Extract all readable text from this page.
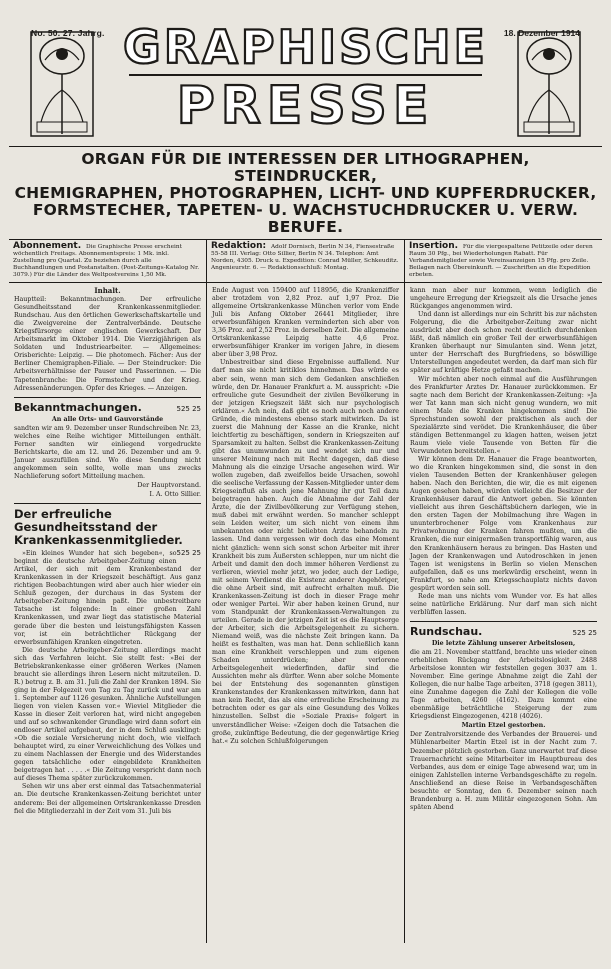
No. 50. 27. Jahrg.	18. Dezember 1914
GRAPHISCHE
PRESSE
ORGAN FÜR DIE INTERESSEN DER LITHOGRAPHEN, STEINDRUCKER,
CHEMIGRAPHEN, PHOTOGRAPHEN, LICHT- UND KUPFERDRUCKER,
FORMSTECHER, TAPETEN- U. WACHSTUCHDRUCKER U. VERW. BERUFE.
Abonnement. Die Graphische Presse erscheint wöchentlich Freitags. Abonnementspreis: 1 Mk. inkl. Zustellung pro Quartal. Zu beziehen durch alle Buchhandlungen und Postanstalten. (Post-Zeitungs-Katalog Nr. 3079.) Für die Länder des Weltpostvereins 1,50 Mk.
Redaktion: Adolf Dornisch, Berlin N 34, Fiensestraße 55-58 III. Verlag: Otto Sillier, Berlin N 34. Telephon: Amt Norden, 4305. Druck u. Expedition: Conrad Müller, Schkeuditz. Angenieurstr. 6. — Redaktionsschluß: Montag.
Insertion. Für die viergespaltene Petitzeile oder deren Raum 30 Pfg., bei Wiederholungen Rabatt. Für Verbandsmitglieder sowie Vereinsanzeigen 15 Pfg. pro Zeile. Beilagen nach Übereinkunft. — Zuschriften an die Expedition erbeten.
Inhalt.

Hauptteil: Bekanntmachungen. Der erfreuliche Gesundheitsstand der Krankenkassenmitglieder. Rundschau. Aus den örtlichen Gewerkschaftskartelle und die Zweigvereine der Zentralverbände. Deutsche Kriegsfürsorge einer englischen Gewerkschaft. Der Arbeitsmarkt im Oktober 1914. Die Vierzigjährigen als Soldaten und Industriearbeiter. — Allgemeines: Orisberichte: Leipzig. — Die photomech. Fächer: Aus der Berliner Chemigraphen-Filiale. — Der Steindrucker: Die Arbeitsverhältnisse der Pauser und Passerinnen. — Die Tapetenbranche: Die Formstecher und der Krieg. Adressenänderungen. Opfer des Krieges. — Anzeigen.

Bekanntmachungen.	525 25
An alle Orts- und Gauvorstände

sandten wir am 9. Dezember unser Rundschreiben Nr. 23, welches eine Reihe wichtiger Mitteilungen enthält. Ferner sandten wir einliegend vorgedruckte Berichtskarte, die am 12. und 26. Dezember und am 9. Januar auszufüllen sind. Wo diese Sendung nicht angekommen sein sollte, wolle man uns zwecks Nachlieferung sofort Mitteilung machen.

Der Hauptvorstand.
I. A. Otto Sillier.
Der erfreuliche Gesundheitsstand der Krankenkassenmitglieder.
525 25

»Ein kleines Wunder hat sich begeben«, so beginnt die deutsche Arbeitgeber-Zeitung einen Artikel, der sich mit dem Krankenbestand der Krankenkassen in der Kriegszeit beschäftigt. Aus ganz richtigen Beobachtungen wird aber auch hier wieder ein Schluß gezogen, der durchaus in das System der Arbeitgeber-Zeitung hinein paßt. Die unbestreitbare Tatsache ist folgende: In einer großen Zahl Krankenkassen, und zwar liegt das statistische Material gerade über die besten und leistungsfähigsten Kassen vor, ist ein beträchtlicher Rückgang der erwerbsunfähigen Kranken eingetreten.

Die deutsche Arbeitgeber-Zeitung allerdings macht sich das Verfahren leicht. Sie stellt fest: »Bei der Betriebskrankenkasse einer größeren Werkes (Namen braucht sie allerdings ihren Lesern nicht mitzuteilen. D. R.) betrug z. B. am 31. Juli die Zahl der Kranken 1894. Sie ging in der Folgezeit von Tag zu Tag zurück und war am 1. September auf 1126 gesunken. Ähnliche Aufstellungen liegen von vielen Kassen vor.« Wieviel Mitglieder die Kasse in dieser Zeit verloren hat, wird nicht angegeben und auf so schwankender Grundlage wird dann sofort ein endloser Artikel aufgebaut, der in dem Schluß ausklingt: »Ob die soziale Versicherung nicht doch, wie vielfach behauptet wird, zu einer Verweichlichung des Volkes und zu einem Nachlassen der Energie und des Widerstandes gegen tatsächliche oder eingebildete Krankheiten beigetragen hat . . . . .« Die Zeitung verspricht dann noch auf dieses Thema später zurückzukommen.

Sehen wir uns aber erst einmal das Tatsachenmaterial an. Die deutsche Krankenkassen-Zeitung berichtet unter anderem: Bei der allgemeinen Ortskrankenkasse Dresden fiel die Mitgliederzahl in der Zeit vom 31. Juli bis

Ende August von 159400 auf 118956, die Krankenziffer aber trotzdem von 2,82 Proz. auf 1,97 Proz. Die allgemeine Ortskrankenkasse München verlor vom Ende Juli bis Anfang Oktober 26441 Mitglieder, ihre erwerbsunfähigen Kranken verminderten sich aber von 3,36 Proz. auf 2,52 Proz. in derselben Zeit. Die allgemeine Ortskrankenkasse Leipzig hatte 4,6 Proz. erwerbsunfähiger Kranker im vorigen Jahre, in diesem aber über 3,98 Proz.

Unbestreitbar sind diese Ergebnisse auffallend. Nur darf man sie nicht kritiklos hinnehmen. Das würde es aber sein, wenn man sich dem Gedanken anschließen würde, den Dr. Hanauer Frankfurt a. M. ausspricht: »Die erfreuliche gute Gesundheit der zivilen Bevölkerung in der jetzigen Kriegszeit läßt sich nur psychologisch erklären.« Ach nein, daß gibt es noch auch noch andere Gründe, die mindestens ebenso stark mitwirken. Da ist zuerst die Mahnung der Kasse an die Kranke, nicht leichtfertig zu beschäftigen, sondern in Kriegszeiten auf Sparsamkeit zu halten. Selbst die Krankenkassen-Zeitung gibt das unumwunden zu und wendet sich nur und unserer Meinung nach mit Recht dagegen, daß diese Mahnung als die einzige Ursache angesehen wird. Wir wollen zugeben, daß zweifellos beide Ursachen, sowohl die seelische Verfassung der Kassen-Mitglieder unter dem Kriegseinfluß als auch jene Mahnung ihr gut Teil dazu beigetragen haben. Auch die Abnahme der Zahl der Ärzte, die der Zivilbevölkerung zur Verfügung stehen, muß dabei mit erwähnt werden. So mancher schleppt sein Leiden weiter, um sich nicht von einem ihm unbekannten oder nicht beliebten Arzte behandeln zu lassen. Und dann vergessen wir doch das eine Moment nicht gänzlich: wenn sich sonst schon Arbeiter mit ihrer Krankheit bis zum Äußersten schleppen, nur um nicht die Arbeit und damit den doch immer höheren Verdienst zu verlieren, wieviel mehr jetzt, wo jeder, auch der Ledige, mit seinem Verdienst die Existenz anderer Angehöriger, die ohne Arbeit sind, mit aufrecht erhalten muß. Die Krankenkassen-Zeitung ist doch in dieser Frage mehr oder weniger Partei. Wir aber haben keinen Grund, nur vom Standpunkt der Krankenkassen-Verwaltungen zu urteilen. Gerade in der jetzigen Zeit ist es die Hauptsorge der Arbeiter, sich die Arbeitsgelegenheit zu sichern. Niemand weiß, was die nächste Zeit bringen kann. Da heißt es festhalten, was man hat. Denn schließlich kann man eine Krankheit verschleppen und zum eigenen Schaden unterdrücken; aber verlorene Arbeitsgelegenheit wiederfinden, dafür sind die Aussichten mehr als dürfter. Wenn aber solche Momente bei der Entstehung des sogenannten günstigen Krankenstandes der Krankenkassen mitwirken, dann hat man kein Recht, das als eine erfreuliche Erscheinung zu betrachten oder es gar als eine Gesundung des Volkes hinzustellen. Selbst die »Soziale Praxis« folgert in unverständlicher Weise: »Zeigen doch die Tatsachen die große, zukünftige Bedeutung, die der gegenwärtige Krieg hat.« Zu solchen Schlußfolgerungen

kann man aber nur kommen, wenn lediglich die ungeheure Erregung der Kriegszeit als die Ursache jenes Rückganges angenommen wird.

Und dann ist allerdings nur ein Schritt bis zur nächsten Folgerung, die die Arbeitgeber-Zeitung zwar nicht ausdrückt aber doch schon recht deutlich durchdenken läßt, daß nämlich ein großer Teil der erwerbsunfähigen Kranken überhaupt nur Simulanten sind. Wenn jetzt, unter der Herrschaft des Burgfriedens, so böswillige Unterstellungen angedeutet werden, da darf man sich für später auf kräftige Hetze gefaßt machen.

Wir möchten aber noch einmal auf die Ausführungen des Frankfurter Arztes Dr. Hanauer zurückkommen. Er sagte nach dem Bericht der Krankenkassen-Zeitung: »Ja wer Tat kann man sich nicht genug wundern, wo mit einem Male die Kranken hingekommen sind! Die Sprechstunden sowohl der praktischen als auch der Spezialärzte sind verödet. Die Krankenhäuser, die über ständigen Bettenmangel zu klagen hatten, weisen jetzt Raum viele viele Tausende von Betten für die Verwundeten bereitstellen.«

Wir können dem Dr. Hanauer die Frage beantworten, wo die Kranken hingekommen sind, die sonst in den vielen Tausenden Betten der Krankenhäuser gelegen haben. Nach den Berichten, die wir, die es mit eigenen Augen gesehen haben, würden vielleicht die Besitzer der Krankenhäuser darauf die Antwort geben. Sie könnten vielleicht aus ihren Geschäftsbüchern darlegen, wie in den ersten Tagen der Mobilmachung ihre Wagen in ununterbrochener Folge vom Krankenhaus zur Privatwohnung der Kranken fahren mußten, um die Kranken, die nur einigermaßen transportfähig waren, aus den Krankenhäusern heraus zu bringen. Das Hasten und Jagen der Krankenwagen und Autodroschken in jenen Tagen ist wenigstens in Berlin so vielen Menschen aufgefallen, daß es uns merkwürdig erscheint, wenn in Frankfurt, so nahe am Kriegsschauplatz nichts davon gespürt worden sein soll.

Rede man uns nichts vom Wunder vor. Es hat alles seine natürliche Erklärung. Nur darf man sich nicht verblüffen lassen.

Rundschau.	525 25
Die letzte Zählung unserer Arbeitslosen,

die am 21. November stattfand, brachte uns wieder einen erheblichen Rückgang der Arbeitslosigkeit. 2488 Arbeitslose konnten wir feststellen gegen 3037 am 1. November. Eine geringe Abnahme zeigt die Zahl der Kollegen, die nur halbe Tage arbeiten, 3718 (gegen 3811), eine Zunahme dagegen die Zahl der Kollegen die volle Tage arbeiten, 4260 (4162). Dazu kommt eine ebenmäßige beträchtliche Steigerung der zum Kriegsdienst Eingezogenen, 4218 (4026).

Martin Etzel gestorben.

Der Zentralvorsitzende des Verbandes der Brauerei- und Mühlenarbeiter Martin Etzel ist in der Nacht zum 7. Dezember plötzlich gestorben. Ganz unerwartet traf diese Trauernachricht seine Mitarbeiter im Hauptbureau des Verbandes, aus dem er einige Tage abwesend war, um in einigen Zahlstellen interne Verbandsgeschäfte zu regeln. Anschließend an diese Reise in Verbandsgeschäften besuchte er Sonntag, den 6. Dezember seinen nach Brandenburg a. H. zum Militär eingezogenen Sohn. Am späten Abend
